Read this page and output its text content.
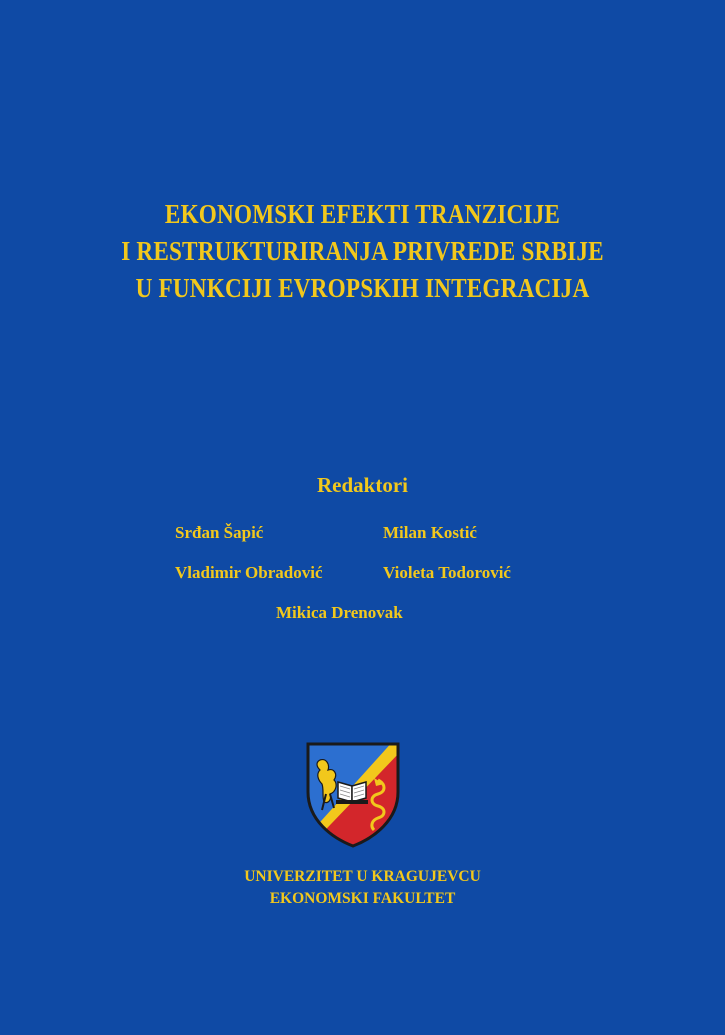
EKONOMSKI EFEKTI TRANZICIJE
I RESTRUKTURIRANJA PRIVREDE SRBIJE
U FUNKCIJI EVROPSKIH INTEGRACIJA
Redaktori
Srđan Šapić	Milan Kostić
Vladimir Obradović	Violeta Todorović
Mikica Drenovak
UNIVERZITET U KRAGUJEVCU
EKONOMSKI FAKULTET
